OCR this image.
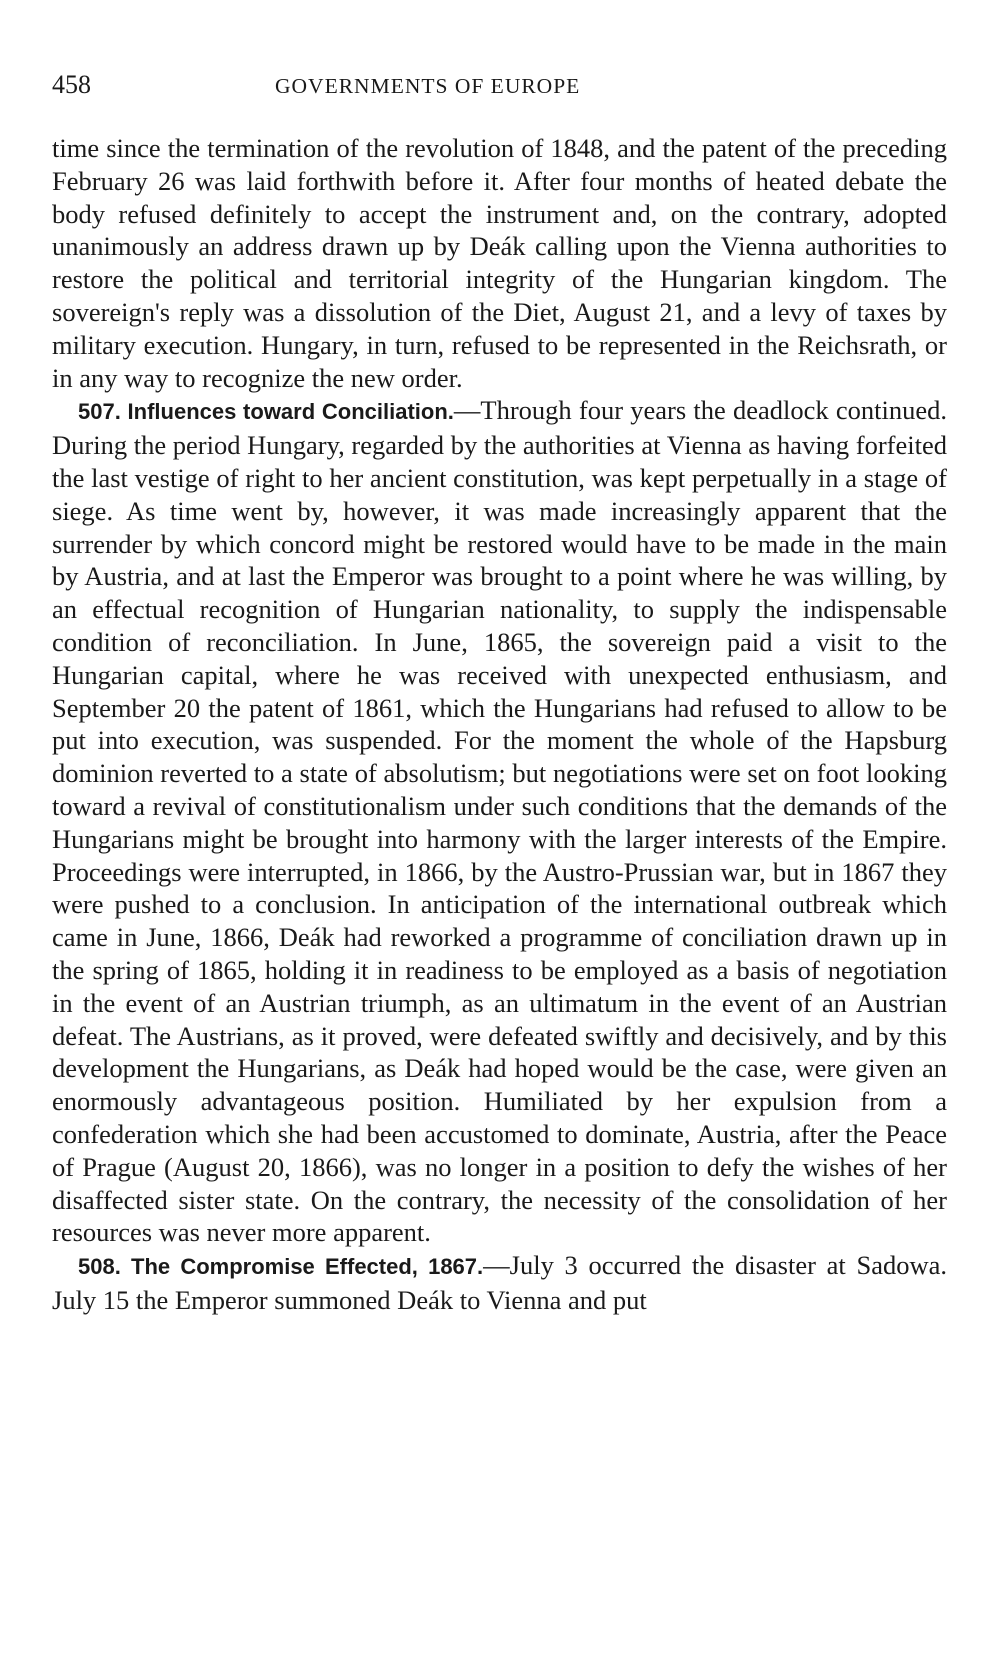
458	GOVERNMENTS OF EUROPE

time since the termination of the revolution of 1848, and the patent of the preceding February 26 was laid forthwith before it. After four months of heated debate the body refused definitely to accept the instrument and, on the contrary, adopted unanimously an address drawn up by Deák calling upon the Vienna authorities to restore the political and territorial integrity of the Hungarian kingdom. The sovereign's reply was a dissolution of the Diet, August 21, and a levy of taxes by military execution. Hungary, in turn, refused to be represented in the Reichsrath, or in any way to recognize the new order.

507. Influences toward Conciliation.—Through four years the deadlock continued. During the period Hungary, regarded by the authorities at Vienna as having forfeited the last vestige of right to her ancient constitution, was kept perpetually in a stage of siege. As time went by, however, it was made increasingly apparent that the surrender by which concord might be restored would have to be made in the main by Austria, and at last the Emperor was brought to a point where he was willing, by an effectual recognition of Hungarian nationality, to supply the indispensable condition of reconciliation. In June, 1865, the sovereign paid a visit to the Hungarian capital, where he was received with unexpected enthusiasm, and September 20 the patent of 1861, which the Hungarians had refused to allow to be put into execution, was suspended. For the moment the whole of the Hapsburg dominion reverted to a state of absolutism; but negotiations were set on foot looking toward a revival of constitutionalism under such conditions that the demands of the Hungarians might be brought into harmony with the larger interests of the Empire. Proceedings were interrupted, in 1866, by the Austro-Prussian war, but in 1867 they were pushed to a conclusion. In anticipation of the international outbreak which came in June, 1866, Deák had reworked a programme of conciliation drawn up in the spring of 1865, holding it in readiness to be employed as a basis of negotiation in the event of an Austrian triumph, as an ultimatum in the event of an Austrian defeat. The Austrians, as it proved, were defeated swiftly and decisively, and by this development the Hungarians, as Deák had hoped would be the case, were given an enormously advantageous position. Humiliated by her expulsion from a confederation which she had been accustomed to dominate, Austria, after the Peace of Prague (August 20, 1866), was no longer in a position to defy the wishes of her disaffected sister state. On the contrary, the necessity of the consolidation of her resources was never more apparent.

508. The Compromise Effected, 1867.—July 3 occurred the disaster at Sadowa. July 15 the Emperor summoned Deák to Vienna and put
